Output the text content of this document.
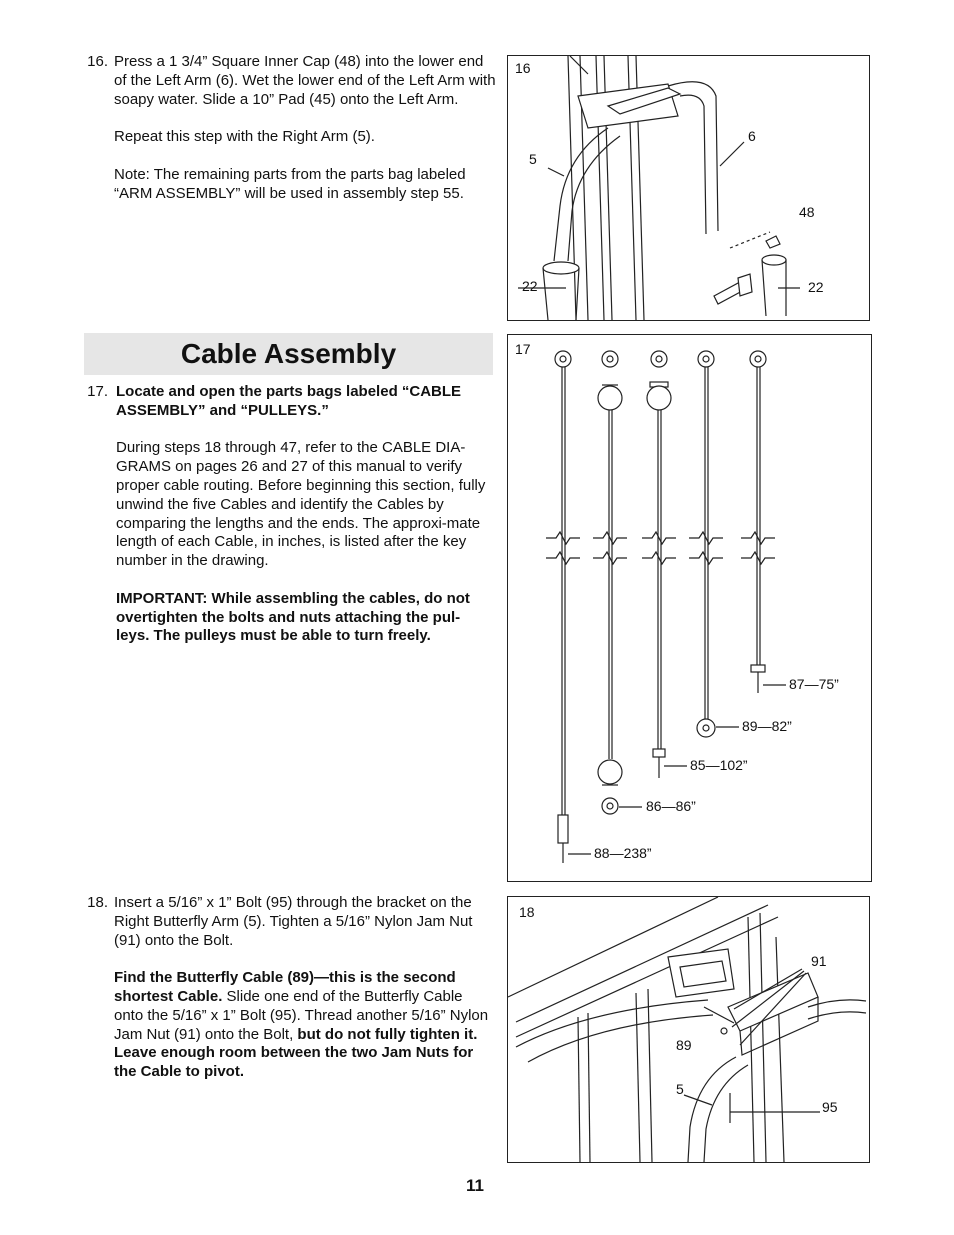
16. Press a 1 3/4” Square Inner Cap (48) into the lower end of the Left Arm (6). Wet the lower end of the Left Arm with soapy water. Slide a 10” Pad (45) onto the Left Arm.

Repeat this step with the Right Arm (5).

Note: The remaining parts from the parts bag labeled “ARM ASSEMBLY” will be used in assembly step 55.

16
6
5
48
22	22
Cable Assembly
17. Locate and open the parts bags labeled “CABLE ASSEMBLY” and “PULLEYS.”

During steps 18 through 47, refer to the CABLE DIA-GRAMS on pages 26 and 27 of this manual to verify proper cable routing. Before beginning this section, fully unwind the five Cables and identify the Cables by comparing the lengths and the ends. The approxi-mate length of each Cable, in inches, is listed after the key number in the drawing.

IMPORTANT: While assembling the cables, do not overtighten the bolts and nuts attaching the pul-leys. The pulleys must be able to turn freely.

17
87—75”
89—82”
85—102”
86—86”
88—238”
18. Insert a 5/16” x 1” Bolt (95) through the bracket on the Right Butterfly Arm (5). Tighten a 5/16” Nylon Jam Nut (91) onto the Bolt.

Find the Butterfly Cable (89)—this is the second shortest Cable. Slide one end of the Butterfly Cable onto the 5/16” x 1” Bolt (95). Thread another 5/16” Nylon Jam Nut (91) onto the Bolt, but do not fully tighten it. Leave enough room between the two Jam Nuts for the Cable to pivot.

18
91
89
5
95
11
